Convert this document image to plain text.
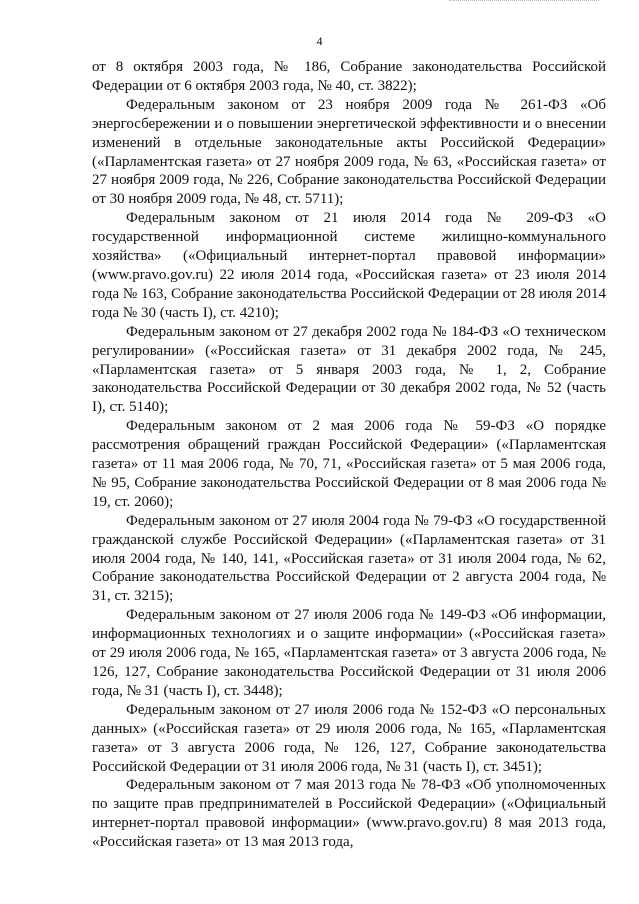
4

от 8 октября 2003 года, № 186, Собрание законодательства Российской Федерации от 6 октября 2003 года, № 40, ст. 3822);

Федеральным законом от 23 ноября 2009 года № 261-ФЗ «Об энергосбережении и о повышении энергетической эффективности и о внесении изменений в отдельные законодательные акты Российской Федерации» («Парламентская газета» от 27 ноября 2009 года, № 63, «Российская газета» от 27 ноября 2009 года, № 226, Собрание законодательства Российской Федерации от 30 ноября 2009 года, № 48, ст. 5711);

Федеральным законом от 21 июля 2014 года № 209-ФЗ «О государственной информационной системе жилищно-коммунального хозяйства» («Официальный интернет-портал правовой информации» (www.pravo.gov.ru) 22 июля 2014 года, «Российская газета» от 23 июля 2014 года № 163, Собрание законодательства Российской Федерации от 28 июля 2014 года № 30 (часть I), ст. 4210);

Федеральным законом от 27 декабря 2002 года № 184-ФЗ «О техническом регулировании» («Российская газета» от 31 декабря 2002 года, № 245, «Парламентская газета» от 5 января 2003 года, № 1, 2, Собрание законодательства Российской Федерации от 30 декабря 2002 года, № 52 (часть I), ст. 5140);

Федеральным законом от 2 мая 2006 года № 59-ФЗ «О порядке рассмотрения обращений граждан Российской Федерации» («Парламентская газета» от 11 мая 2006 года, № 70, 71, «Российская газета» от 5 мая 2006 года, № 95, Собрание законодательства Российской Федерации от 8 мая 2006 года № 19, ст. 2060);

Федеральным законом от 27 июля 2004 года № 79-ФЗ «О государственной гражданской службе Российской Федерации» («Парламентская газета» от 31 июля 2004 года, № 140, 141, «Российская газета» от 31 июля 2004 года, № 62, Собрание законодательства Российской Федерации от 2 августа 2004 года, № 31, ст. 3215);

Федеральным законом от 27 июля 2006 года № 149-ФЗ «Об информации, информационных технологиях и о защите информации» («Российская газета» от 29 июля 2006 года, № 165, «Парламентская газета» от 3 августа 2006 года, № 126, 127, Собрание законодательства Российской Федерации от 31 июля 2006 года, № 31 (часть I), ст. 3448);

Федеральным законом от 27 июля 2006 года № 152-ФЗ «О персональных данных» («Российская газета» от 29 июля 2006 года, № 165, «Парламентская газета» от 3 августа 2006 года, № 126, 127, Собрание законодательства Российской Федерации от 31 июля 2006 года, № 31 (часть I), ст. 3451);

Федеральным законом от 7 мая 2013 года № 78-ФЗ «Об уполномоченных по защите прав предпринимателей в Российской Федерации» («Официальный интернет-портал правовой информации» (www.pravo.gov.ru) 8 мая 2013 года, «Российская газета» от 13 мая 2013 года,
